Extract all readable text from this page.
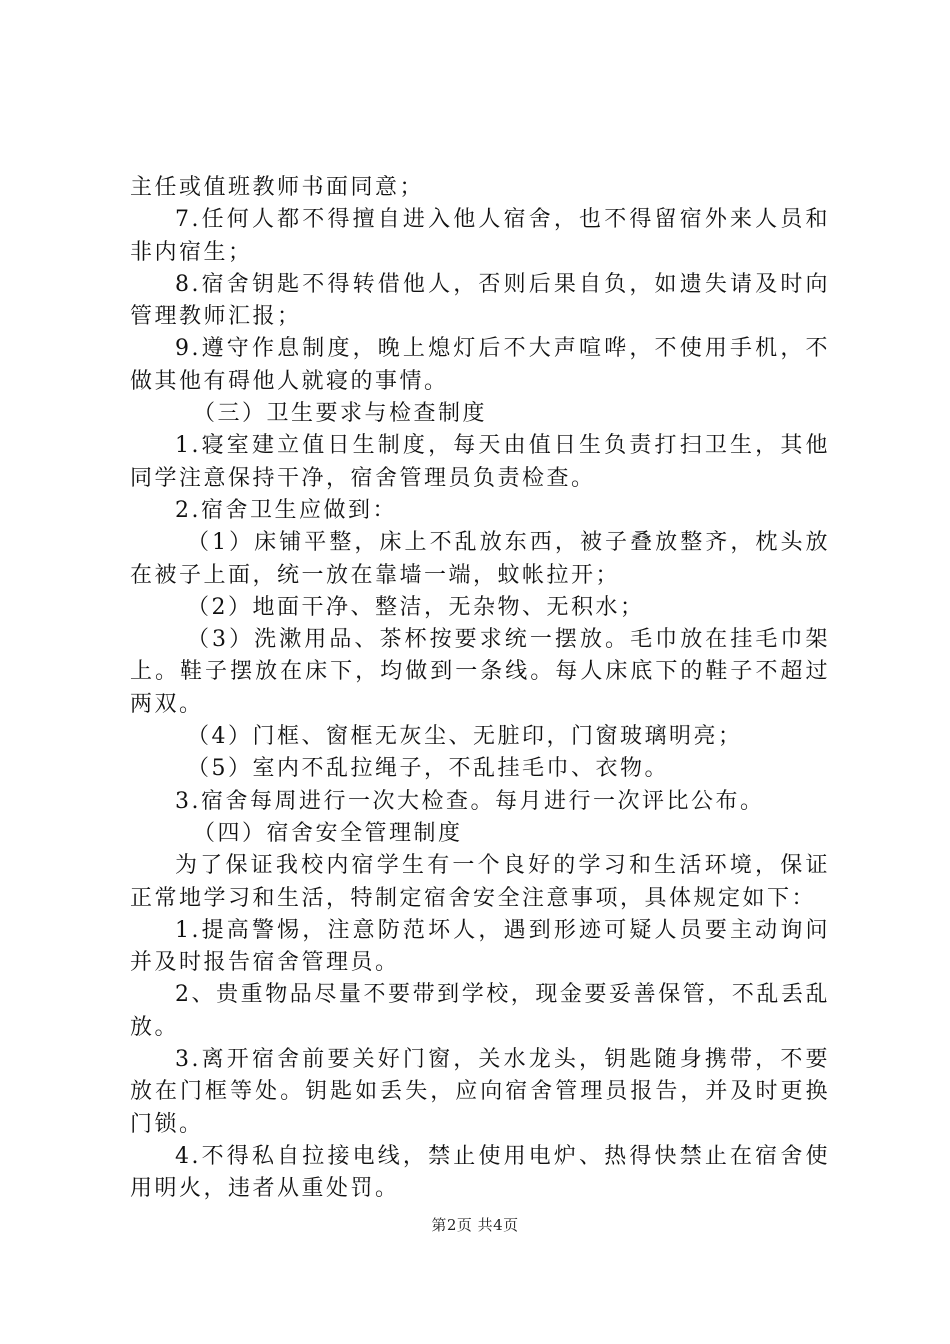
主任或值班教师书面同意；

7.任何人都不得擅自进入他人宿舍，也不得留宿外来人员和非内宿生；

8.宿舍钥匙不得转借他人，否则后果自负，如遗失请及时向管理教师汇报；

9.遵守作息制度，晚上熄灯后不大声喧哗，不使用手机，不做其他有碍他人就寝的事情。

（三）卫生要求与检查制度

1.寝室建立值日生制度，每天由值日生负责打扫卫生，其他同学注意保持干净，宿舍管理员负责检查。

2.宿舍卫生应做到：

（1）床铺平整，床上不乱放东西，被子叠放整齐，枕头放在被子上面，统一放在靠墙一端，蚊帐拉开；

（2）地面干净、整洁，无杂物、无积水；

（3）洗漱用品、茶杯按要求统一摆放。毛巾放在挂毛巾架上。鞋子摆放在床下，均做到一条线。每人床底下的鞋子不超过两双。

（4）门框、窗框无灰尘、无脏印，门窗玻璃明亮；

（5）室内不乱拉绳子，不乱挂毛巾、衣物。

3.宿舍每周进行一次大检查。每月进行一次评比公布。

（四）宿舍安全管理制度

为了保证我校内宿学生有一个良好的学习和生活环境，保证正常地学习和生活，特制定宿舍安全注意事项，具体规定如下：

1.提高警惕，注意防范坏人，遇到形迹可疑人员要主动询问并及时报告宿舍管理员。

2、贵重物品尽量不要带到学校，现金要妥善保管，不乱丢乱放。

3.离开宿舍前要关好门窗，关水龙头，钥匙随身携带，不要放在门框等处。钥匙如丢失，应向宿舍管理员报告，并及时更换门锁。

4.不得私自拉接电线，禁止使用电炉、热得快禁止在宿舍使用明火，违者从重处罚。

第2页 共4页
